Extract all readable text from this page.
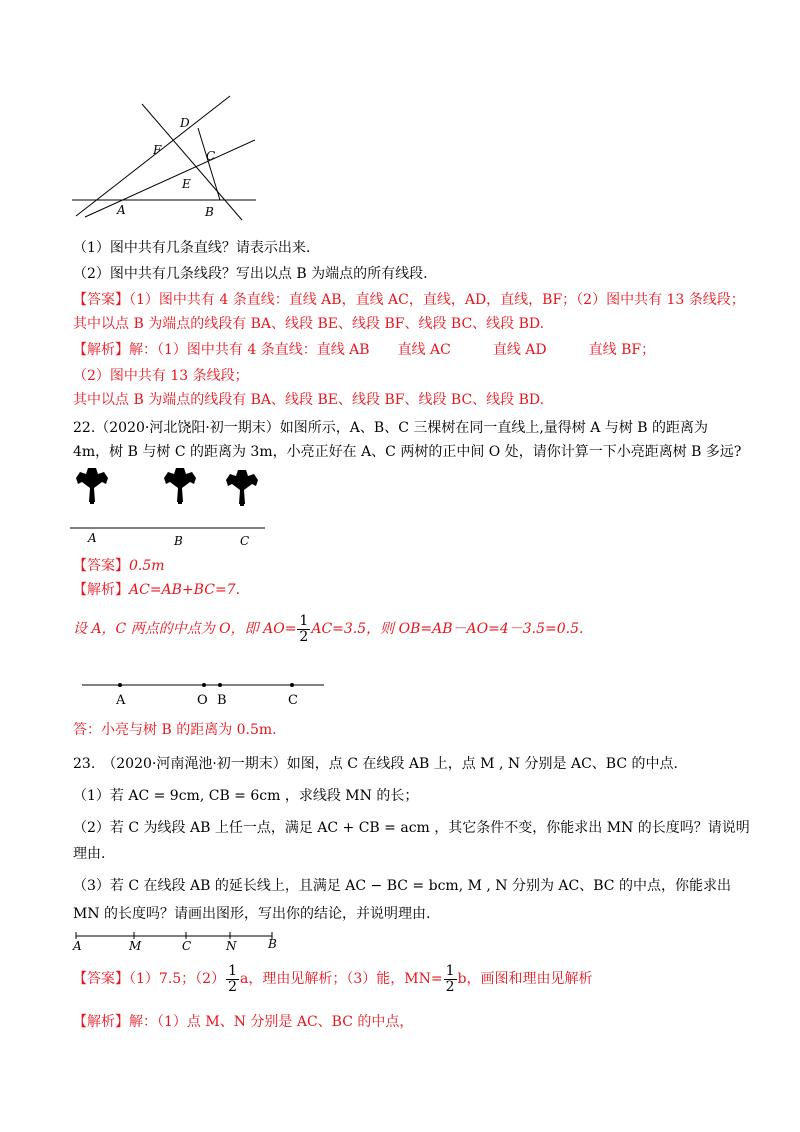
D
F	C
E
A	B
（1）图中共有几条直线？请表示出来.
（2）图中共有几条线段？写出以点 B 为端点的所有线段.
【答案】（1）图中共有 4 条直线：直线 AB，直线 AC，直线，AD，直线，BF；（2）图中共有 13 条线段；
其中以点 B 为端点的线段有 BA、线段 BE、线段 BF、线段 BC、线段 BD.
【解析】解：（1）图中共有 4 条直线：直线 AB　　直线 AC　　　直线 AD　　　直线 BF；
（2）图中共有 13 条线段；
其中以点 B 为端点的线段有 BA、线段 BE、线段 BF、线段 BC、线段 BD.
22.（2020·河北饶阳·初一期末）如图所示，A、B、C 三棵树在同一直线上,量得树 A 与树 B 的距离为
4m，树 B 与树 C 的距离为 3m，小亮正好在 A、C 两树的正中间 O 处，请你计算一下小亮距离树 B 多远?
A	B	C
【答案】0.5m
【解析】AC=AB+BC=7.
设 A，C 两点的中点为 O，即 $AO= \frac{1}{2} AC=3.5$，则 OB=AB－AO=4－3.5=0.5.
A	O B	C
答：小亮与树 B 的距离为 0.5m.
23.　（2020·河南渑池·初一期末）如图，点 C 在线段 AB 上，点 M , N 分别是 AC、BC 的中点.
（1）若 AC = 9cm, CB = 6cm ，求线段 MN 的长；
（2）若 C 为线段 AB 上任一点，满足 AC + CB = acm ，其它条件不变，你能求出 MN 的长度吗？请说明
理由.
（3）若 C 在线段 AB 的延长线上，且满足 AC − BC = bcm, M , N 分别为 AC、BC 的中点，你能求出
MN 的长度吗？请画出图形，写出你的结论，并说明理由.
A	M	C	N	B
【答案】（1）7.5；$(2) \frac{1}{2}$ a，理由见解析；（3）能，$MN= \frac{1}{2}$ b，画图和理由见解析
【解析】解：（1）点 M、N 分别是 AC、BC 的中点，
